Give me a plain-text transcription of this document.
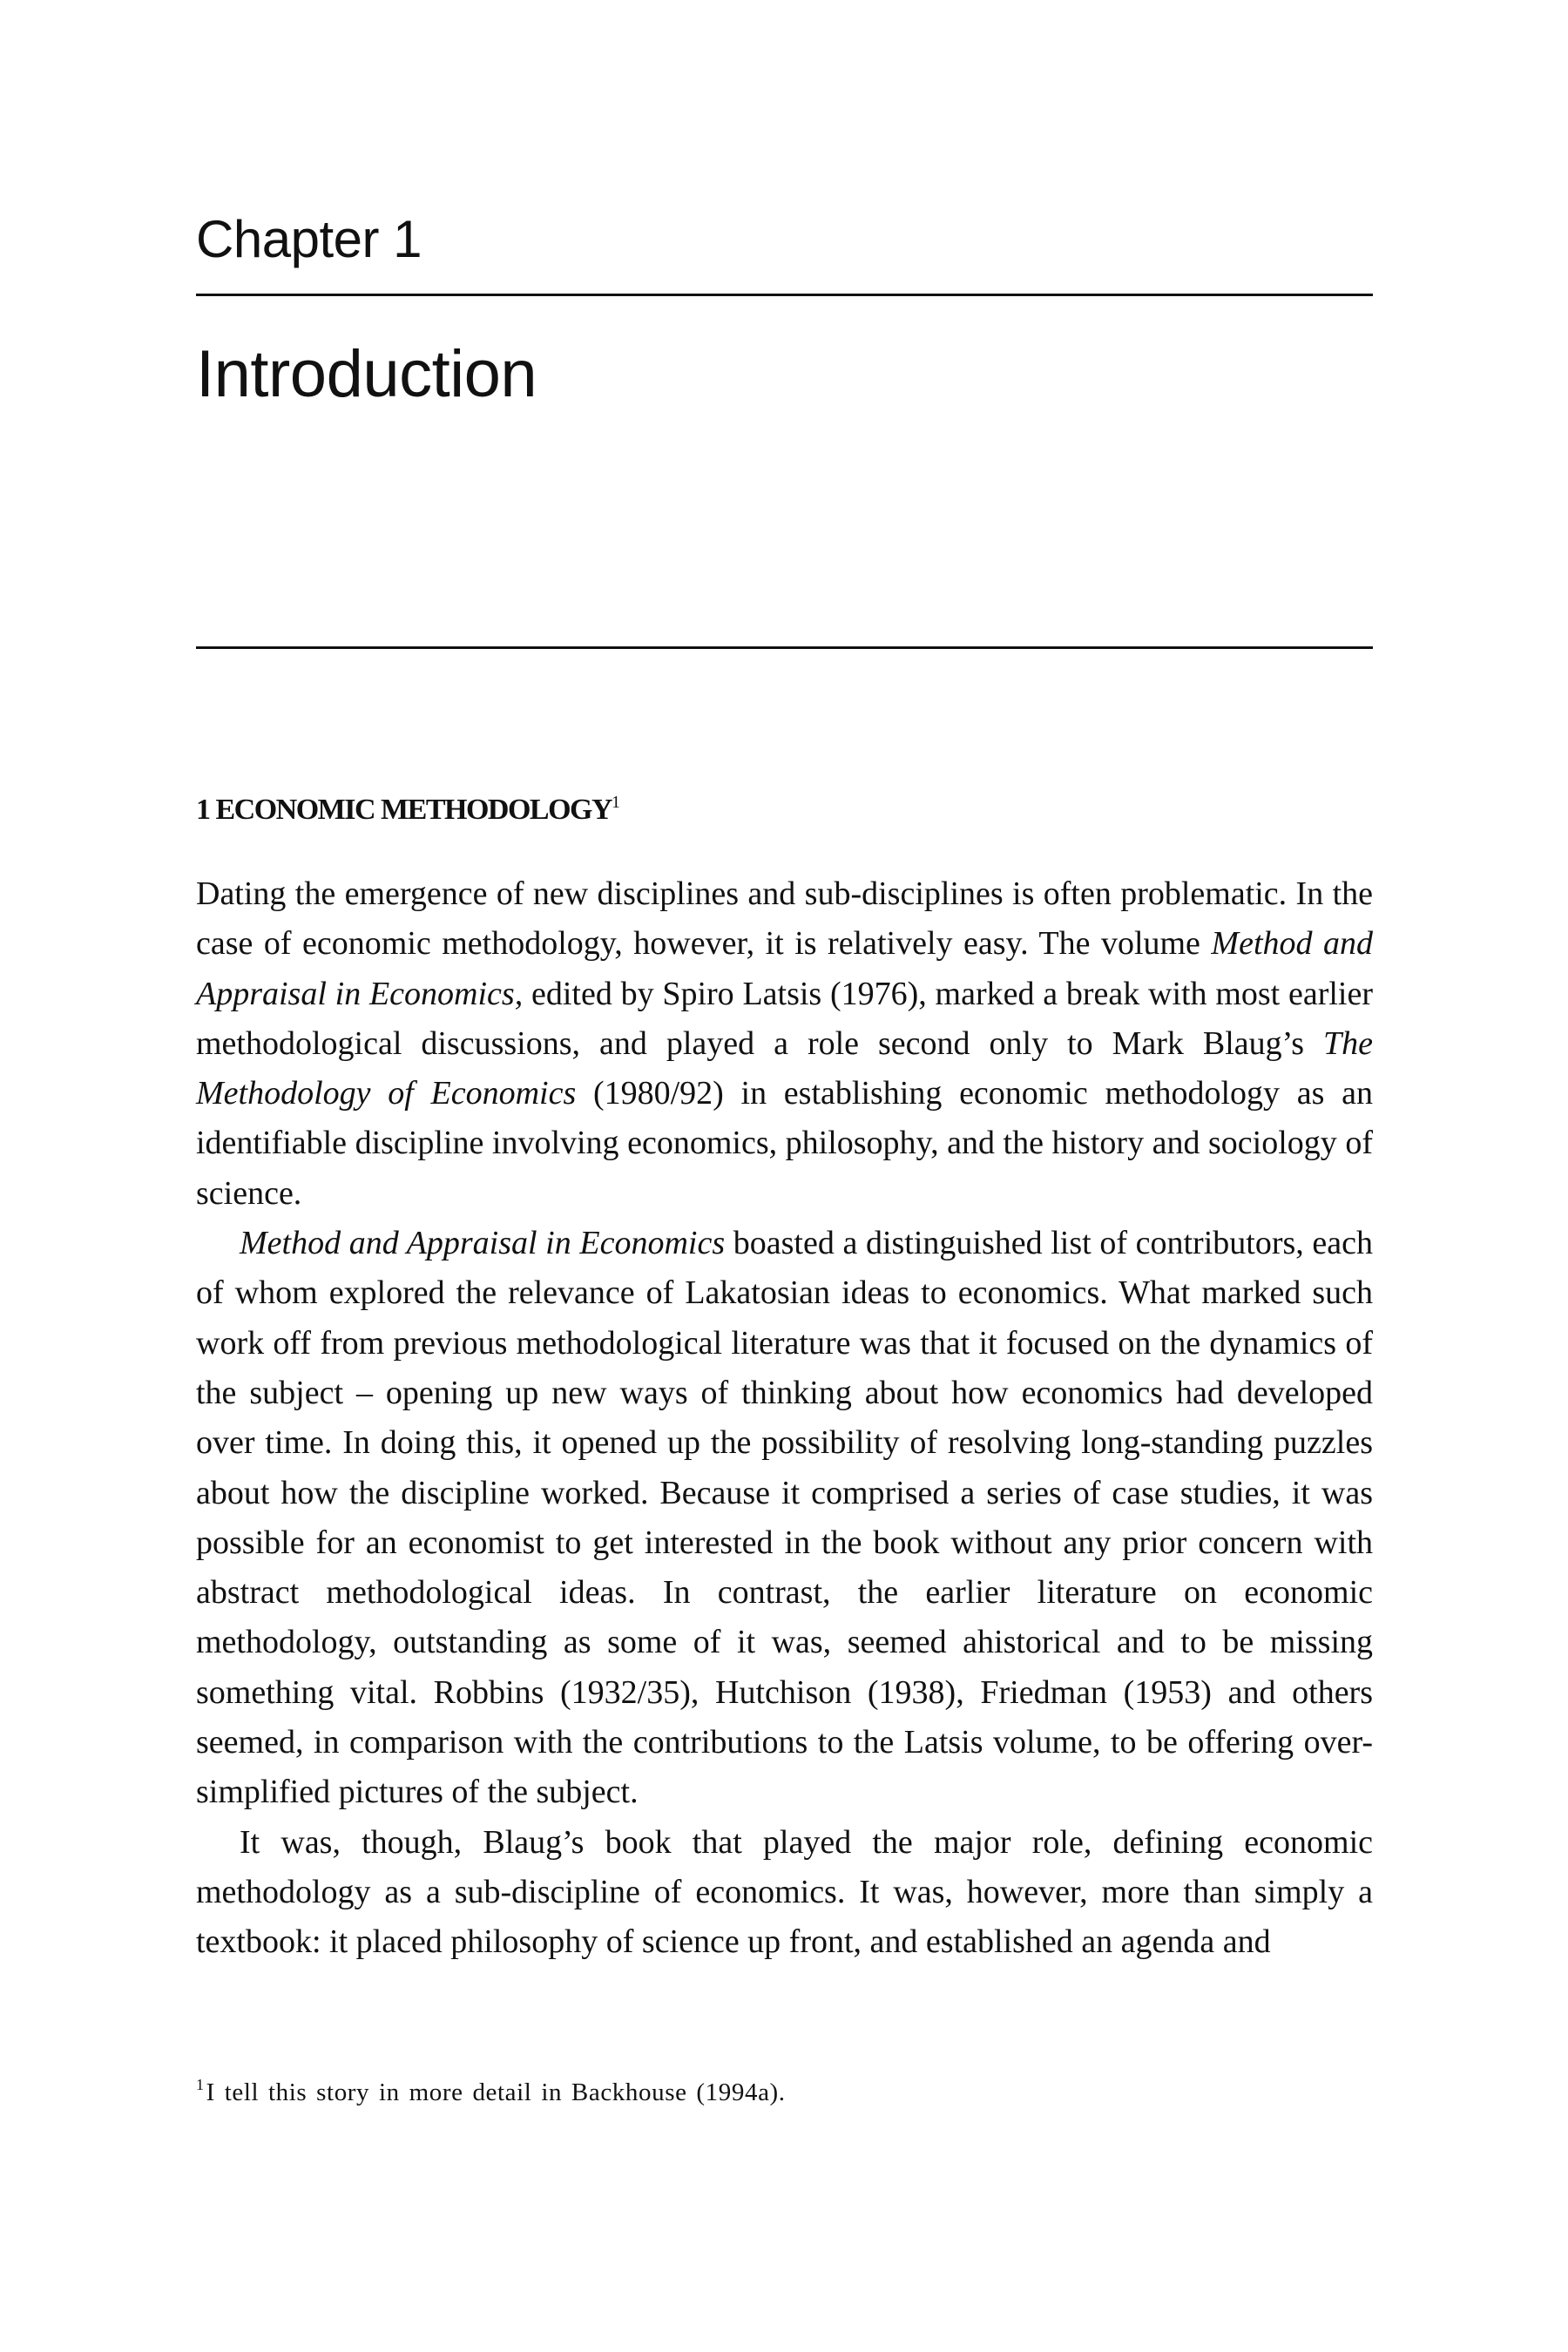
Chapter 1
Introduction
1 ECONOMIC METHODOLOGY$^1$

Dating the emergence of new disciplines and sub-disciplines is often problematic. In the case of economic methodology, however, it is relatively easy. The volume Method and Appraisal in Economics, edited by Spiro Latsis (1976), marked a break with most earlier methodological discussions, and played a role second only to Mark Blaug’s The Methodology of Economics (1980/92) in establishing economic methodology as an identifiable discipline involving economics, philosophy, and the history and sociology of science.

Method and Appraisal in Economics boasted a distinguished list of contributors, each of whom explored the relevance of Lakatosian ideas to economics. What marked such work off from previous methodological literature was that it focused on the dynamics of the subject – opening up new ways of thinking about how economics had developed over time. In doing this, it opened up the possibility of resolving long-standing puzzles about how the discipline worked. Because it comprised a series of case studies, it was possible for an economist to get interested in the book without any prior concern with abstract methodological ideas. In contrast, the earlier literature on economic methodology, outstanding as some of it was, seemed ahistorical and to be missing something vital. Robbins (1932/35), Hutchison (1938), Friedman (1953) and others seemed, in comparison with the contributions to the Latsis volume, to be offering over-simplified pictures of the subject.

It was, though, Blaug’s book that played the major role, defining economic methodology as a sub-discipline of economics. It was, however, more than simply a textbook: it placed philosophy of science up front, and established an agenda and

$^1$I tell this story in more detail in Backhouse (1994a).
